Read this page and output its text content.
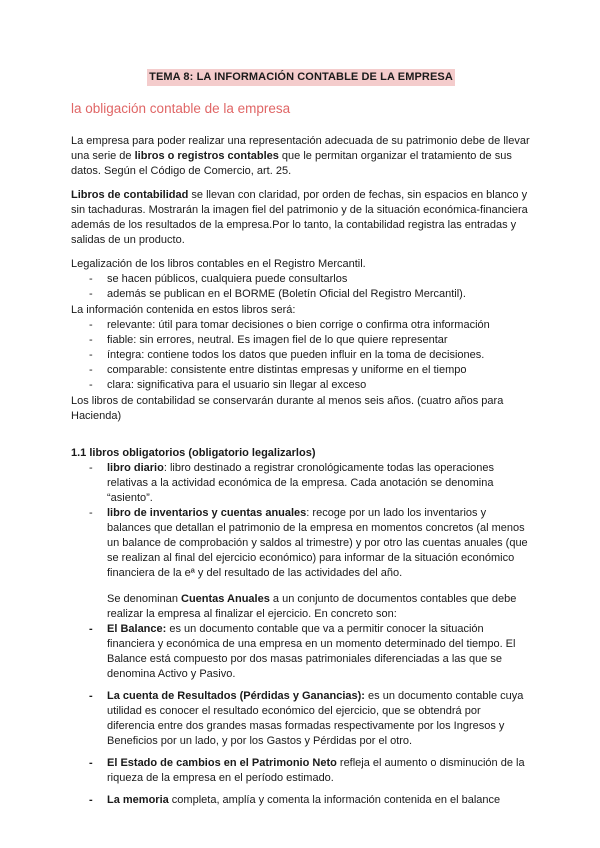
TEMA 8: LA INFORMACIÓN CONTABLE DE LA EMPRESA
la obligación contable de la empresa

La empresa para poder realizar una representación adecuada de su patrimonio debe de llevar una serie de libros o registros contables que le permitan organizar el tratamiento de sus datos. Según el Código de Comercio, art. 25.

Libros de contabilidad se llevan con claridad, por orden de fechas, sin espacios en blanco y sin tachaduras. Mostrarán la imagen fiel del patrimonio y de la situación económica-financiera además de los resultados de la empresa.Por lo tanto, la contabilidad registra las entradas y salidas de un producto.

Legalización de los libros contables en el Registro Mercantil.

- se hacen públicos, cualquiera puede consultarlos
- además se publican en el BORME (Boletín Oficial del Registro Mercantil).

La información contenida en estos libros será:

- relevante: útil para tomar decisiones o bien corrige o confirma otra información
- fiable: sin errores, neutral. Es imagen fiel de lo que quiere representar
- íntegra: contiene todos los datos que pueden influir en la toma de decisiones.
- comparable: consistente entre distintas empresas y uniforme en el tiempo
- clara: significativa para el usuario sin llegar al exceso

Los libros de contabilidad se conservarán durante al menos seis años. (cuatro años para Hacienda)

1.1 libros obligatorios (obligatorio legalizarlos)
- libro diario: libro destinado a registrar cronológicamente todas las operaciones relativas a la actividad económica de la empresa. Cada anotación se denomina “asiento”.
- libro de inventarios y cuentas anuales: recoge por un lado los inventarios y balances que detallan el patrimonio de la empresa en momentos concretos (al menos un balance de comprobación y saldos al trimestre) y por otro las cuentas anuales (que se realizan al final del ejercicio económico) para informar de la situación económico financiera de la eª y del resultado de las actividades del año.

Se denominan Cuentas Anuales a un conjunto de documentos contables que debe realizar la empresa al finalizar el ejercicio. En concreto son:

- El Balance: es un documento contable que va a permitir conocer la situación financiera y económica de una empresa en un momento determinado del tiempo. El Balance está compuesto por dos masas patrimoniales diferenciadas a las que se denomina Activo y Pasivo.
- La cuenta de Resultados (Pérdidas y Ganancias): es un documento contable cuya utilidad es conocer el resultado económico del ejercicio, que se obtendrá por diferencia entre dos grandes masas formadas respectivamente por los Ingresos y Beneficios por un lado, y por los Gastos y Pérdidas por el otro.
- El Estado de cambios en el Patrimonio Neto refleja el aumento o disminución de la riqueza de la empresa en el período estimado.
- La memoria completa, amplía y comenta la información contenida en el balance
